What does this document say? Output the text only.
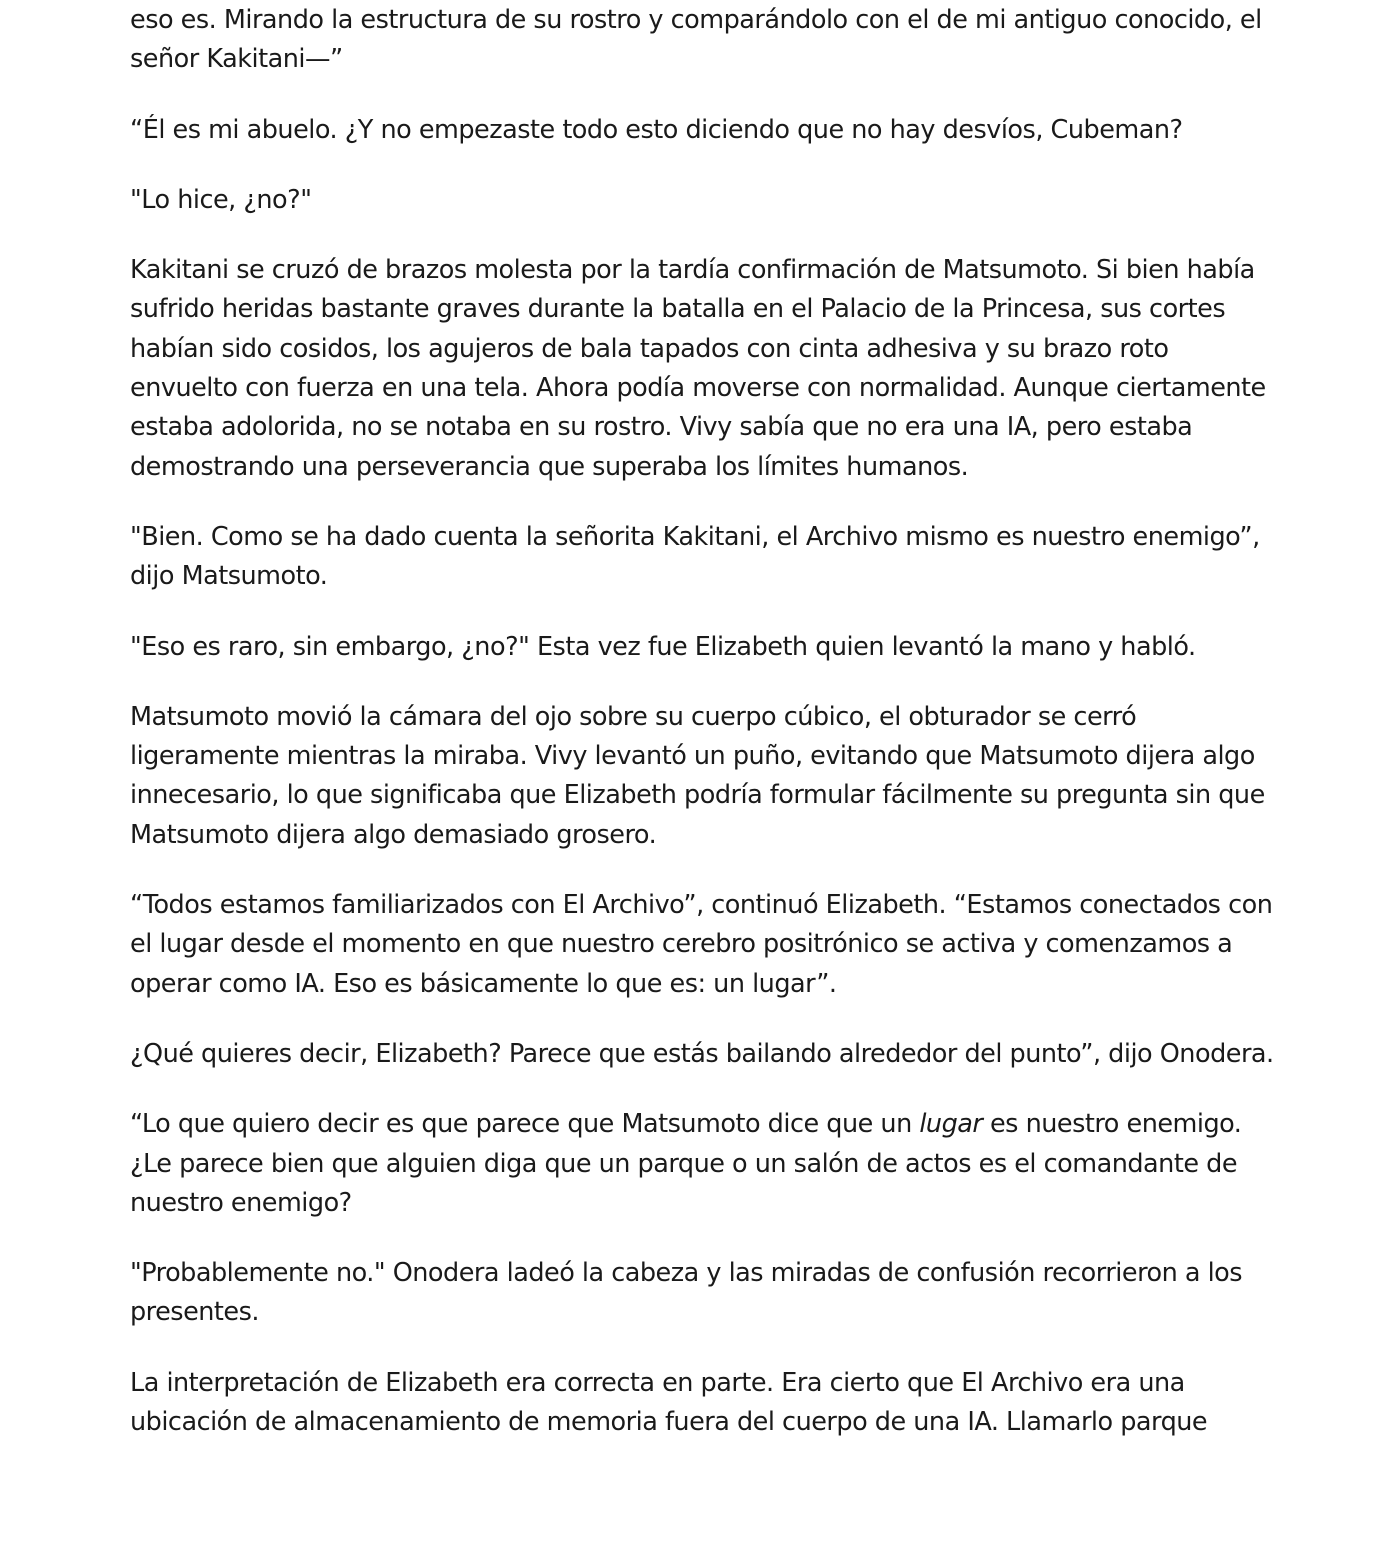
eso es. Mirando la estructura de su rostro y comparándolo con el de mi antiguo conocido, el señor Kakitani—”

“Él es mi abuelo. ¿Y no empezaste todo esto diciendo que no hay desvíos, Cubeman?

"Lo hice, ¿no?"

Kakitani se cruzó de brazos molesta por la tardía confirmación de Matsumoto. Si bien había sufrido heridas bastante graves durante la batalla en el Palacio de la Princesa, sus cortes habían sido cosidos, los agujeros de bala tapados con cinta adhesiva y su brazo roto envuelto con fuerza en una tela. Ahora podía moverse con normalidad. Aunque ciertamente estaba adolorida, no se notaba en su rostro. Vivy sabía que no era una IA, pero estaba demostrando una perseverancia que superaba los límites humanos.

"Bien. Como se ha dado cuenta la señorita Kakitani, el Archivo mismo es nuestro enemigo”, dijo Matsumoto.

"Eso es raro, sin embargo, ¿no?" Esta vez fue Elizabeth quien levantó la mano y habló.

Matsumoto movió la cámara del ojo sobre su cuerpo cúbico, el obturador se cerró ligeramente mientras la miraba. Vivy levantó un puño, evitando que Matsumoto dijera algo innecesario, lo que significaba que Elizabeth podría formular fácilmente su pregunta sin que Matsumoto dijera algo demasiado grosero.

“Todos estamos familiarizados con El Archivo”, continuó Elizabeth. “Estamos conectados con el lugar desde el momento en que nuestro cerebro positrónico se activa y comenzamos a operar como IA. Eso es básicamente lo que es: un lugar”.

¿Qué quieres decir, Elizabeth? Parece que estás bailando alrededor del punto”, dijo Onodera.

“Lo que quiero decir es que parece que Matsumoto dice que un lugar es nuestro enemigo. ¿Le parece bien que alguien diga que un parque o un salón de actos es el comandante de nuestro enemigo?

"Probablemente no." Onodera ladeó la cabeza y las miradas de confusión recorrieron a los presentes.

La interpretación de Elizabeth era correcta en parte. Era cierto que El Archivo era una ubicación de almacenamiento de memoria fuera del cuerpo de una IA. Llamarlo parque
